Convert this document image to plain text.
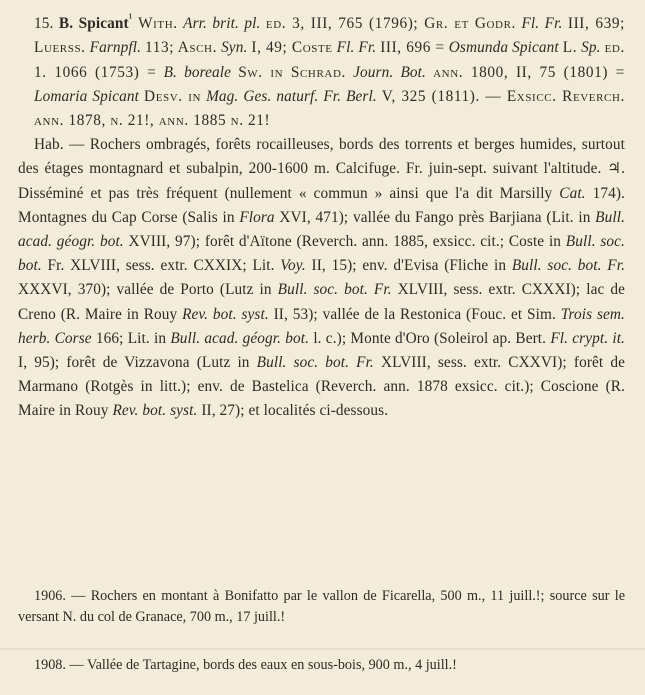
15. B. Spicant$^{^1}$ With. Arr. brit. pl. ed. 3, III, 765 (1796); Gr. et Godr. Fl. Fr. III, 639; Luerss. Farnpfl. 113; Asch. Syn. I, 49; Coste Fl. Fr. III, 696 = Osmunda Spicant L. Sp. ed. 1. 1066 (1753) = B. boreale Sw. in Schrad. Journ. Bot. ann. 1800, II, 75 (1801) = Lomaria Spicant Desv. in Mag. Ges. naturf. Fr. Berl. V, 325 (1811). — Exsicc. Reverch. ann. 1878, n. 21!, ann. 1885 n. 21!

Hab. — Rochers ombragés, forêts rocailleuses, bords des torrents et berges humides, surtout des étages montagnard et subalpin, 200-1600 m. Calcifuge. Fr. juin-sept. suivant l'altitude. ♃. Disséminé et pas très fréquent (nullement « commun » ainsi que l'a dit Marsilly Cat. 174). Montagnes du Cap Corse (Salis in Flora XVI, 471); vallée du Fango près Barjiana (Lit. in Bull. acad. géogr. bot. XVIII, 97); forêt d'Aïtone (Reverch. ann. 1885, exsicc. cit.; Coste in Bull. soc. bot. Fr. XLVIII, sess. extr. CXXIX; Lit. Voy. II, 15); env. d'Evisa (Fliche in Bull. soc. bot. Fr. XXXVI, 370); vallée de Porto (Lutz in Bull. soc. bot. Fr. XLVIII, sess. extr. CXXXI); lac de Creno (R. Maire in Rouy Rev. bot. syst. II, 53); vallée de la Restonica (Fouc. et Sim. Trois sem. herb. Corse 166; Lit. in Bull. acad. géogr. bot. l. c.); Monte d'Oro (Soleirol ap. Bert. Fl. crypt. it. I, 95); forêt de Vizzavona (Lutz in Bull. soc. bot. Fr. XLVIII, sess. extr. CXXVI); forêt de Marmano (Rotgès in litt.); env. de Bastelica (Reverch. ann. 1878 exsicc. cit.); Coscione (R. Maire in Rouy Rev. bot. syst. II, 27); et localités ci-dessous.

1906. — Rochers en montant à Bonifatto par le vallon de Ficarella, 500 m., 11 juill.!; source sur le versant N. du col de Granace, 700 m., 17 juill.!

1908. — Vallée de Tartagine, bords des eaux en sous-bois, 900 m., 4 juill.!
